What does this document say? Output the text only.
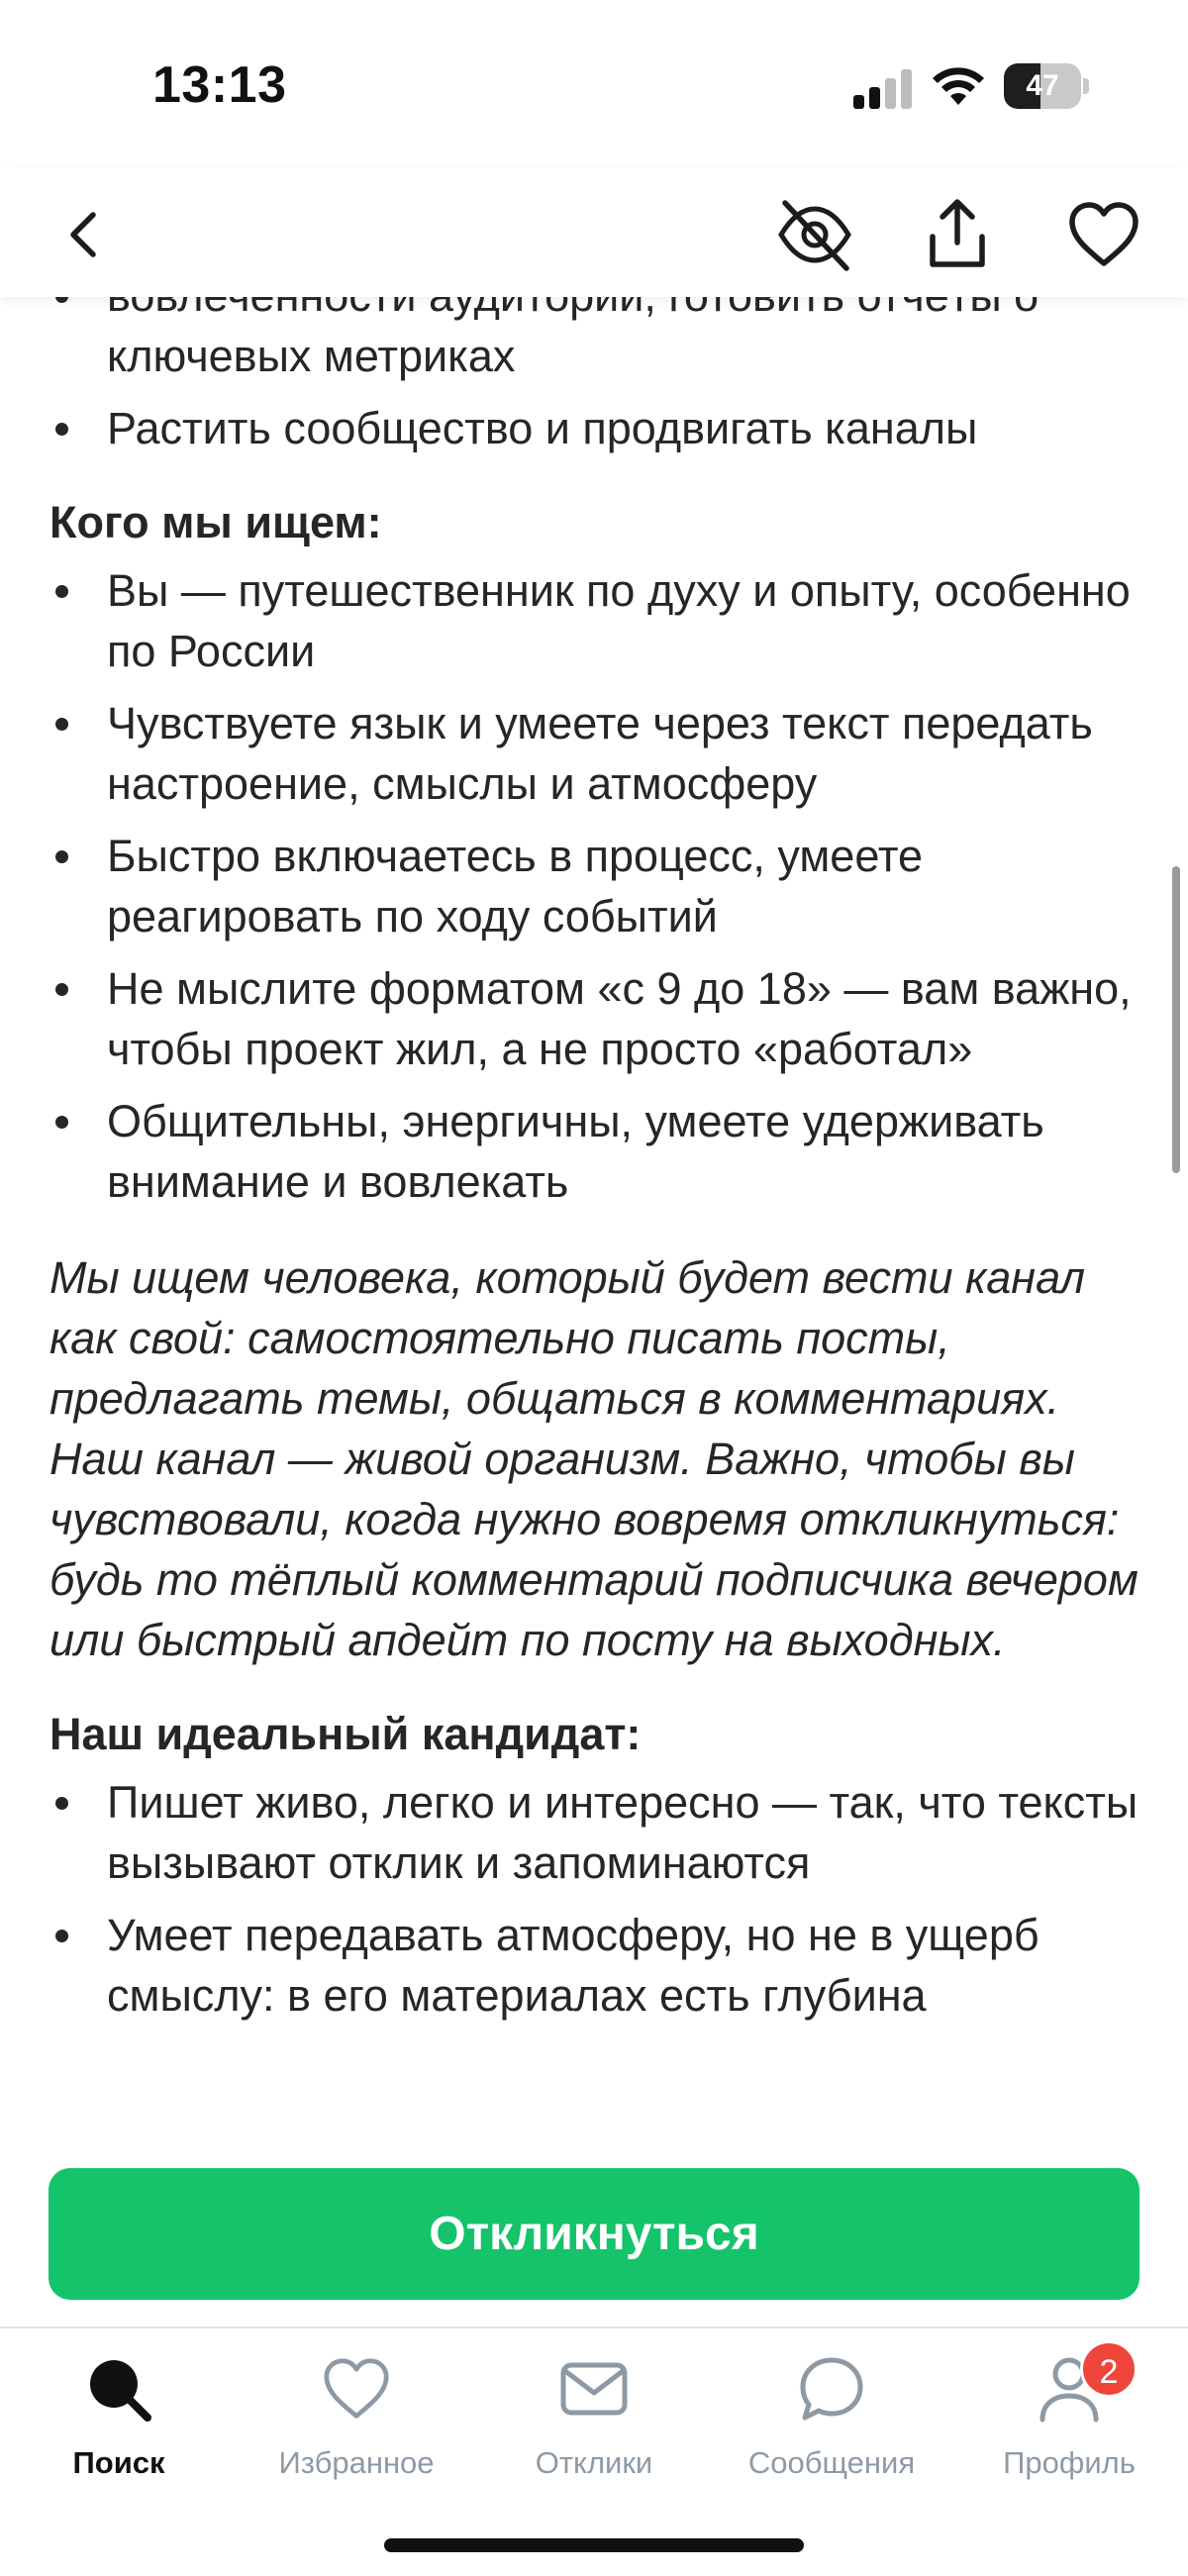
13:13	47
ключевых метриках
Растить сообщество и продвигать каналы
Кого мы ищем:
Вы — путешественник по духу и опыту, особенно по России
Чувствуете язык и умеете через текст передать настроение, смыслы и атмосферу
Быстро включаетесь в процесс, умеете реагировать по ходу событий
Не мыслите форматом «с 9 до 18» — вам важно, чтобы проект жил, а не просто «работал»
Общительны, энергичны, умеете удерживать внимание и вовлекать

Мы ищем человека, который будет вести канал как свой: самостоятельно писать посты, предлагать темы, общаться в комментариях. Наш канал — живой организм. Важно, чтобы вы чувствовали, когда нужно вовремя откликнуться: будь то тёплый комментарий подписчика вечером или быстрый апдейт по посту на выходных.

Наш идеальный кандидат:
Пишет живо, легко и интересно — так, что тексты вызывают отклик и запоминаются
Умеет передавать атмосферу, но не в ущерб смыслу: в его материалах есть глубина
Откликнуться
Поиск	Избранное	Отклики	Сообщения
2
Профиль
